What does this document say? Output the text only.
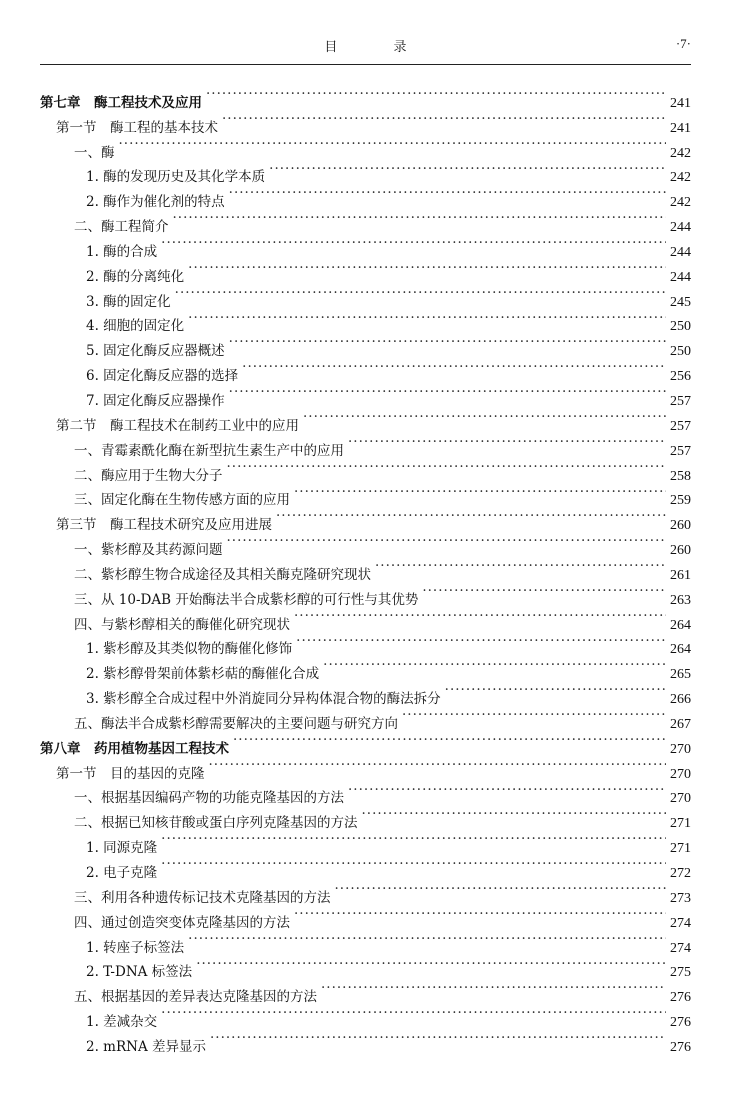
目 录	·7·
第七章　酶工程技术及应用 ·····	241
第一节　酶工程的基本技术 ·····	241
一、酶 ·····	242
1. 酶的发现历史及其化学本质 ·····	242
2. 酶作为催化剂的特点 ·····	242
二、酶工程简介 ·····	244
1. 酶的合成 ·····	244
2. 酶的分离纯化 ·····	244
3. 酶的固定化 ·····	245
4. 细胞的固定化 ·····	250
5. 固定化酶反应器概述 ·····	250
6. 固定化酶反应器的选择 ·····	256
7. 固定化酶反应器操作 ·····	257
第二节　酶工程技术在制药工业中的应用 ·····	257
一、青霉素酰化酶在新型抗生素生产中的应用 ·····	257
二、酶应用于生物大分子 ·····	258
三、固定化酶在生物传感方面的应用 ·····	259
第三节　酶工程技术研究及应用进展 ·····	260
一、紫杉醇及其药源问题 ·····	260
二、紫杉醇生物合成途径及其相关酶克隆研究现状 ·····	261
三、从 10-DAB 开始酶法半合成紫杉醇的可行性与其优势 ·····	263
四、与紫杉醇相关的酶催化研究现状 ·····	264
1. 紫杉醇及其类似物的酶催化修饰 ·····	264
2. 紫杉醇骨架前体紫杉萜的酶催化合成 ·····	265
3. 紫杉醇全合成过程中外消旋同分异构体混合物的酶法拆分 ·····	266
五、酶法半合成紫杉醇需要解决的主要问题与研究方向 ·····	267
第八章　药用植物基因工程技术 ·····	270
第一节　目的基因的克隆 ·····	270
一、根据基因编码产物的功能克隆基因的方法 ·····	270
二、根据已知核苷酸或蛋白序列克隆基因的方法 ·····	271
1. 同源克隆 ·····	271
2. 电子克隆 ·····	272
三、利用各种遗传标记技术克隆基因的方法 ·····	273
四、通过创造突变体克隆基因的方法 ·····	274
1. 转座子标签法 ·····	274
2. T-DNA 标签法 ·····	275
五、根据基因的差异表达克隆基因的方法 ·····	276
1. 差减杂交 ·····	276
2. mRNA 差异显示 ·····	276
